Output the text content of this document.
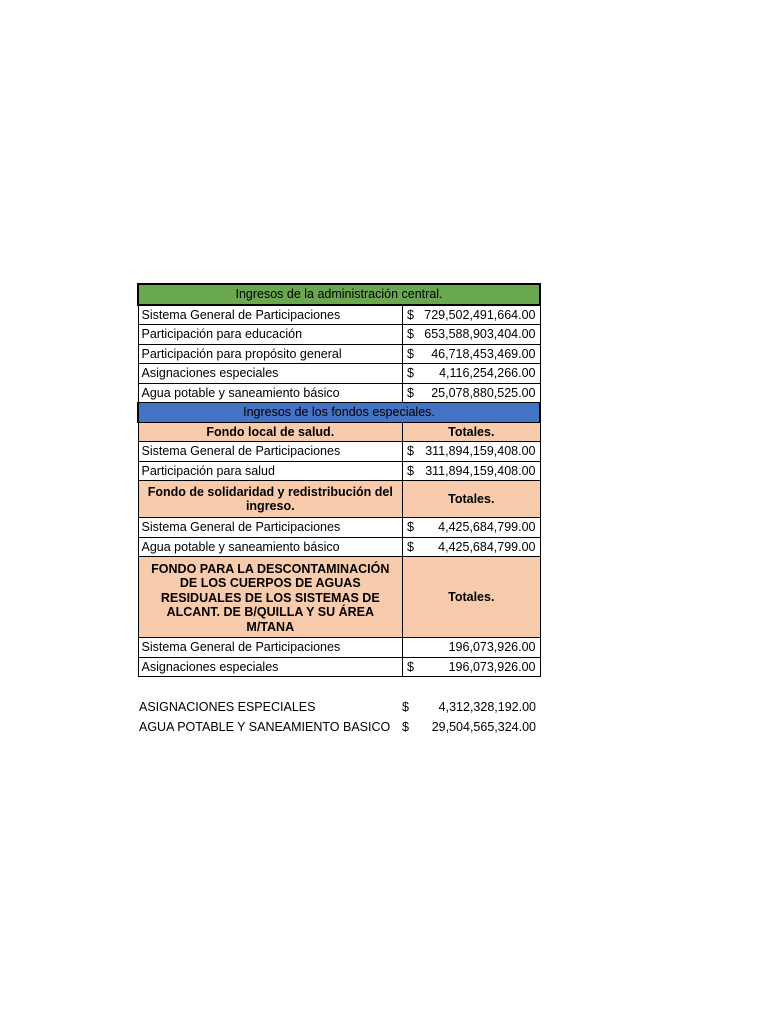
Ingresos de la administración central.	
Sistema General de Participaciones	$ 729,502,491,664.00

Participación para educación	$ 653,588,903,404.00

Participación para propósito general	$ 46,718,453,469.00

Asignaciones especiales	$ 4,116,254,266.00

Agua potable y saneamiento básico	$ 25,078,880,525.00

Ingresos de los fondos especiales.	
Fondo local de salud.	Totales.
Sistema General de Participaciones	$ 311,894,159,408.00

Participación para salud	$ 311,894,159,408.00

Fondo de solidaridad y redistribución del ingreso.	Totales.
Sistema General de Participaciones	$ 4,425,684,799.00

Agua potable y saneamiento básico	$ 4,425,684,799.00

FONDO PARA LA DESCONTAMINACIÓN DE LOS CUERPOS DE AGUAS RESIDUALES DE LOS SISTEMAS DE ALCANT. DE B/QUILLA Y SU ÁREA M/TANA	Totales.
Sistema General de Participaciones	196,073,926.00

Asignaciones especiales	$ 196,073,926.00
ASIGNACIONES ESPECIALES	$ 4,312,328,192.00

AGUA POTABLE Y SANEAMIENTO BASICO	$ 29,504,565,324.00
